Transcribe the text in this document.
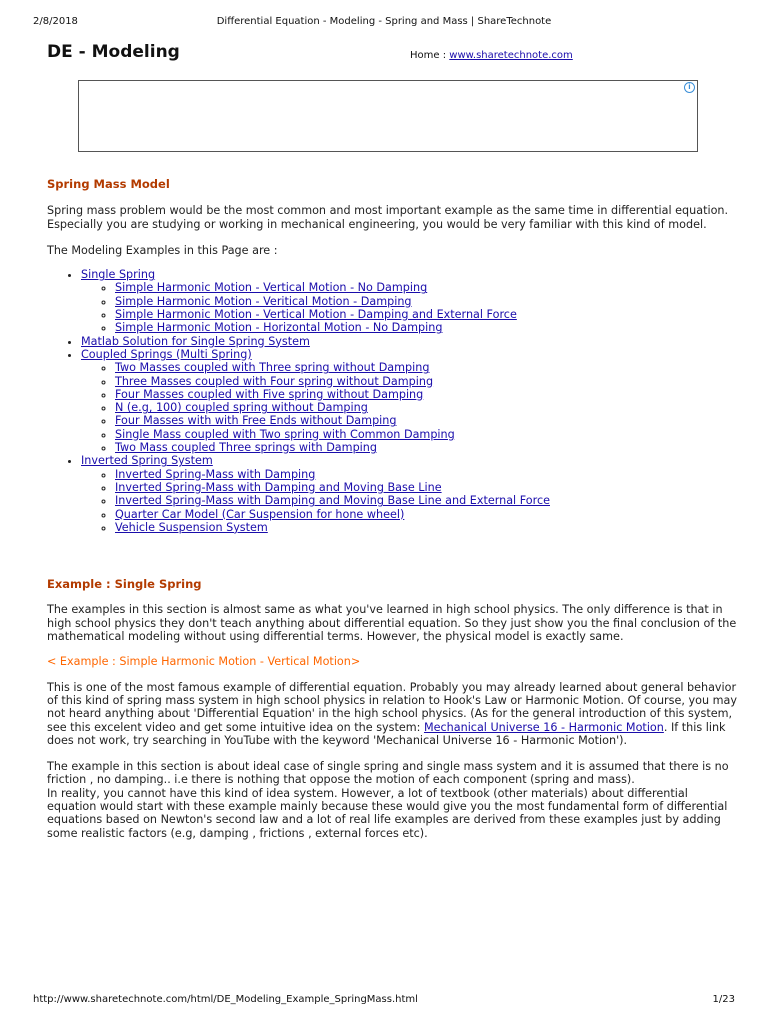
2/8/2018	Differential Equation - Modeling - Spring and Mass | ShareTechnote
DE - Modeling	Home : www.sharetechnote.com
i
Spring Mass Model

Spring mass problem would be the most common and most important example as the same time in differential equation. Especially you are studying or working in mechanical engineering, you would be very familiar with this kind of model.

The Modeling Examples in this Page are :

• Single Spring
◦ Simple Harmonic Motion - Vertical Motion - No Damping
◦ Simple Harmonic Motion - Veritical Motion - Damping
◦ Simple Harmonic Motion - Vertical Motion - Damping and External Force
◦ Simple Harmonic Motion - Horizontal Motion - No Damping
• Matlab Solution for Single Spring System
• Coupled Springs (Multi Spring)
◦ Two Masses coupled with Three spring without Damping
◦ Three Masses coupled with Four spring without Damping
◦ Four Masses coupled with Five spring without Damping
◦ N (e.g, 100) coupled spring without Damping
◦ Four Masses with with Free Ends without Damping
◦ Single Mass coupled with Two spring with Common Damping
◦ Two Mass coupled Three springs with Damping
• Inverted Spring System
◦ Inverted Spring-Mass with Damping
◦ Inverted Spring-Mass with Damping and Moving Base Line
◦ Inverted Spring-Mass with Damping and Moving Base Line and External Force
◦ Quarter Car Model (Car Suspension for hone wheel)
◦ Vehicle Suspension System
Example : Single Spring

The examples in this section is almost same as what you've learned in high school physics. The only difference is that in high school physics they don't teach anything about differential equation. So they just show you the final conclusion of the mathematical modeling without using differential terms. However, the physical model is exactly same.

< Example : Simple Harmonic Motion - Vertical Motion>

This is one of the most famous example of differential equation. Probably you may already learned about general behavior of this kind of spring mass system in high school physics in relation to Hook's Law or Harmonic Motion. Of course, you may not heard anything about 'Differential Equation' in the high school physics. (As for the general introduction of this system, see this excelent video and get some intuitive idea on the system: Mechanical Universe 16 - Harmonic Motion. If this link does not work, try searching in YouTube with the keyword 'Mechanical Universe 16 - Harmonic Motion').

The example in this section is about ideal case of single spring and single mass system and it is assumed that there is no friction , no damping.. i.e there is nothing that oppose the motion of each component (spring and mass).

In reality, you cannot have this kind of idea system. However, a lot of textbook (other materials) about differential equation would start with these example mainly because these would give you the most fundamental form of differential equations based on Newton's second law and a lot of real life examples are derived from these examples just by adding some realistic factors (e.g, damping , frictions , external forces etc).

http://www.sharetechnote.com/html/DE_Modeling_Example_SpringMass.html	1/23
